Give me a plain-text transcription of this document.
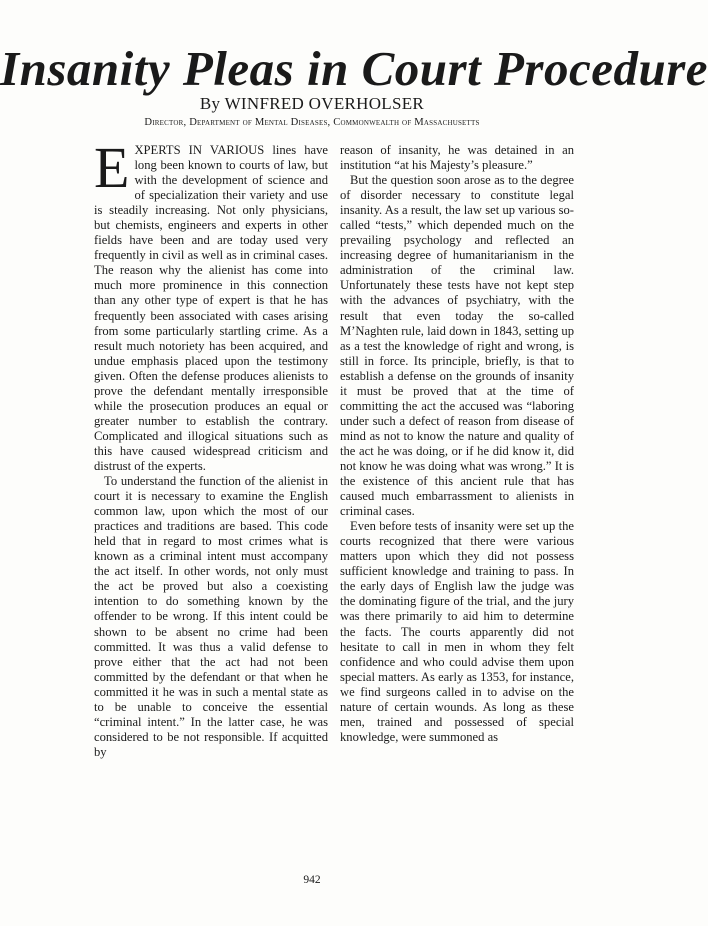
Insanity Pleas in Court Procedure
By WINFRED OVERHOLSER
Director, Department of Mental Diseases, Commonwealth of Massachusetts

EXPERTS IN VARIOUS lines have long been known to courts of law, but with the development of science and of specialization their variety and use is steadily increasing. Not only physicians, but chemists, engineers and experts in other fields have been and are today used very frequently in civil as well as in criminal cases. The reason why the alienist has come into much more prominence in this connection than any other type of expert is that he has frequently been associated with cases arising from some particularly startling crime. As a result much notoriety has been acquired, and undue emphasis placed upon the testimony given. Often the defense produces alienists to prove the defendant mentally irresponsible while the prosecution produces an equal or greater number to establish the contrary. Complicated and illogical situations such as this have caused widespread criticism and distrust of the experts.

To understand the function of the alienist in court it is necessary to examine the English common law, upon which the most of our practices and traditions are based. This code held that in regard to most crimes what is known as a criminal intent must accompany the act itself. In other words, not only must the act be proved but also a coexisting intention to do something known by the offender to be wrong. If this intent could be shown to be absent no crime had been committed. It was thus a valid defense to prove either that the act had not been committed by the defendant or that when he committed it he was in such a mental state as to be unable to conceive the essential “criminal intent.” In the latter case, he was considered to be not responsible. If acquitted by

reason of insanity, he was detained in an institution “at his Majesty’s pleasure.”

But the question soon arose as to the degree of disorder necessary to constitute legal insanity. As a result, the law set up various so-called “tests,” which depended much on the prevailing psychology and reflected an increasing degree of humanitarianism in the administration of the criminal law. Unfortunately these tests have not kept step with the advances of psychiatry, with the result that even today the so-called M’Naghten rule, laid down in 1843, setting up as a test the knowledge of right and wrong, is still in force. Its principle, briefly, is that to establish a defense on the grounds of insanity it must be proved that at the time of committing the act the accused was “laboring under such a defect of reason from disease of mind as not to know the nature and quality of the act he was doing, or if he did know it, did not know he was doing what was wrong.” It is the existence of this ancient rule that has caused much embarrassment to alienists in criminal cases.

Even before tests of insanity were set up the courts recognized that there were various matters upon which they did not possess sufficient knowledge and training to pass. In the early days of English law the judge was the dominating figure of the trial, and the jury was there primarily to aid him to determine the facts. The courts apparently did not hesitate to call in men in whom they felt confidence and who could advise them upon special matters. As early as 1353, for instance, we find surgeons called in to advise on the nature of certain wounds. As long as these men, trained and possessed of special knowledge, were summoned as

942
